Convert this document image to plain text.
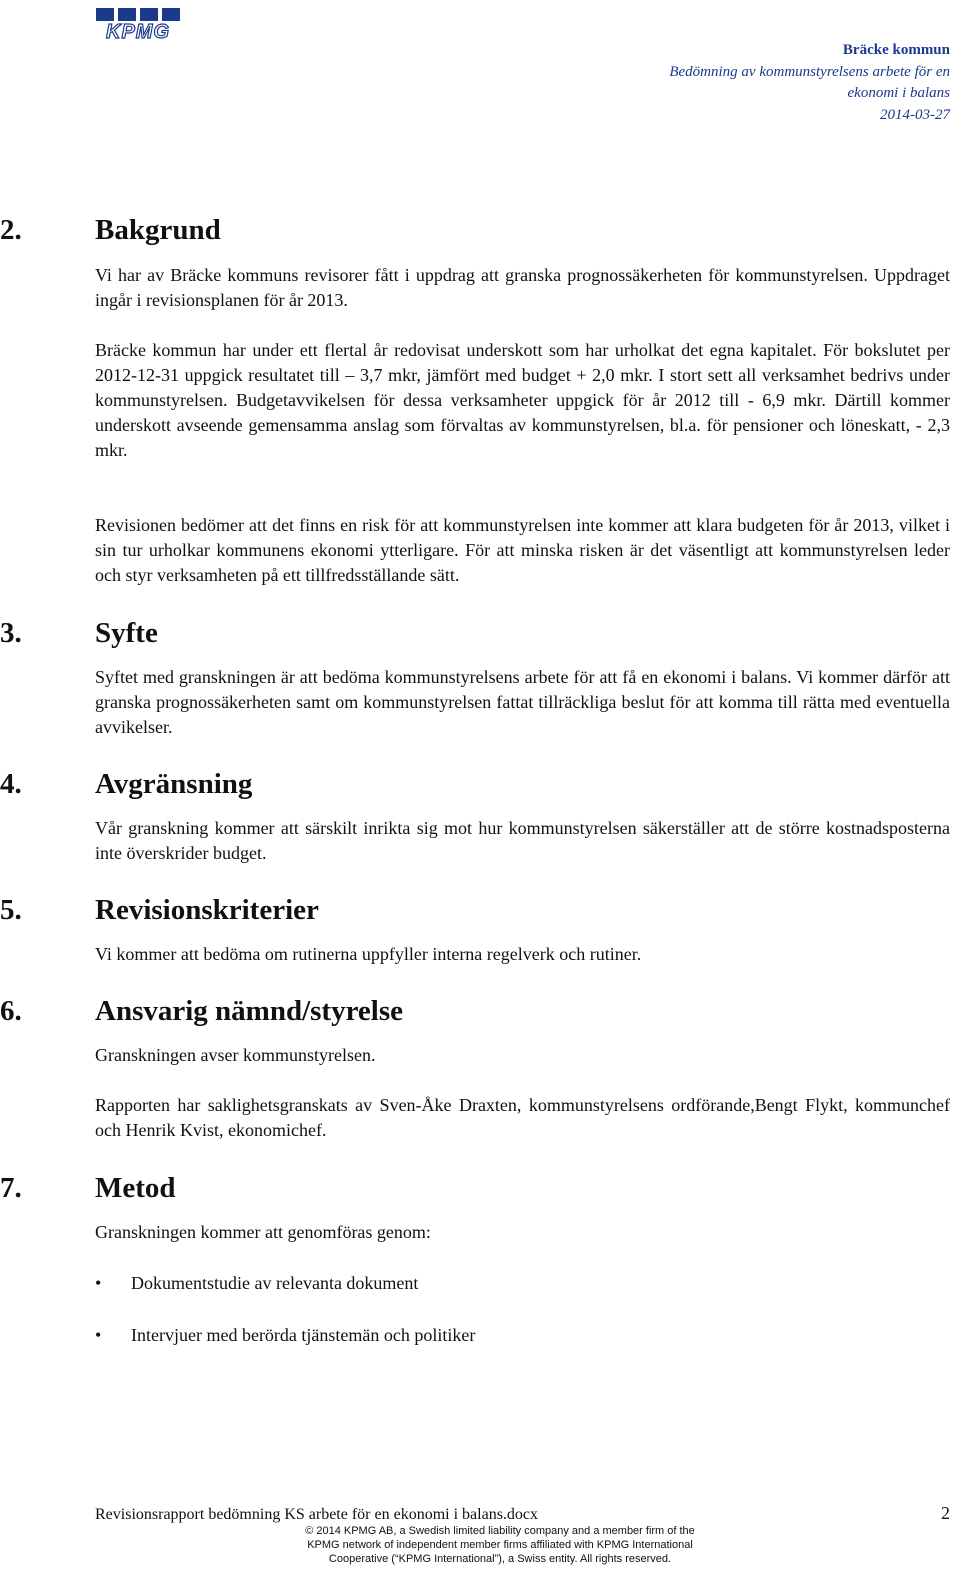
KPMG
Bräcke kommun
Bedömning av kommunstyrelsens arbete för en
ekonomi i balans
2014-03-27
2.	Bakgrund

Vi har av Bräcke kommuns revisorer fått i uppdrag att granska prognossäkerheten för kommunstyrelsen. Uppdraget ingår i revisionsplanen för år 2013.

Bräcke kommun har under ett flertal år redovisat underskott som har urholkat det egna kapitalet. För bokslutet per 2012-12-31 uppgick resultatet till – 3,7 mkr, jämfört med budget + 2,0 mkr. I stort sett all verksamhet bedrivs under kommunstyrelsen. Budgetavvikelsen för dessa verksamheter uppgick för år 2012 till - 6,9 mkr. Därtill kommer underskott avseende gemensamma anslag som förvaltas av kommunstyrelsen, bl.a. för pensioner och löneskatt, - 2,3 mkr.

Revisionen bedömer att det finns en risk för att kommunstyrelsen inte kommer att klara budgeten för år 2013, vilket i sin tur urholkar kommunens ekonomi ytterligare. För att minska risken är det väsentligt att kommunstyrelsen leder och styr verksamheten på ett tillfredsställande sätt.

3.	Syfte

Syftet med granskningen är att bedöma kommunstyrelsens arbete för att få en ekonomi i balans. Vi kommer därför att granska prognossäkerheten samt om kommunstyrelsen fattat tillräckliga beslut för att komma till rätta med eventuella avvikelser.

4.	Avgränsning

Vår granskning kommer att särskilt inrikta sig mot hur kommunstyrelsen säkerställer att de större kostnadsposterna inte överskrider budget.

5.	Revisionskriterier

Vi kommer att bedöma om rutinerna uppfyller interna regelverk och rutiner.

6.	Ansvarig nämnd/styrelse

Granskningen avser kommunstyrelsen.

Rapporten har saklighetsgranskats av Sven-Åke Draxten, kommunstyrelsens ordförande,Bengt Flykt, kommunchef och Henrik Kvist, ekonomichef.

7.	Metod

Granskningen kommer att genomföras genom:

• Dokumentstudie av relevanta dokument
• Intervjuer med berörda tjänstemän och politiker
Revisionsrapport bedömning KS arbete för en ekonomi i balans.docx	2
© 2014 KPMG AB, a Swedish limited liability company and a member firm of the
KPMG network of independent member firms affiliated with KPMG International
Cooperative (“KPMG International”), a Swiss entity. All rights reserved.
